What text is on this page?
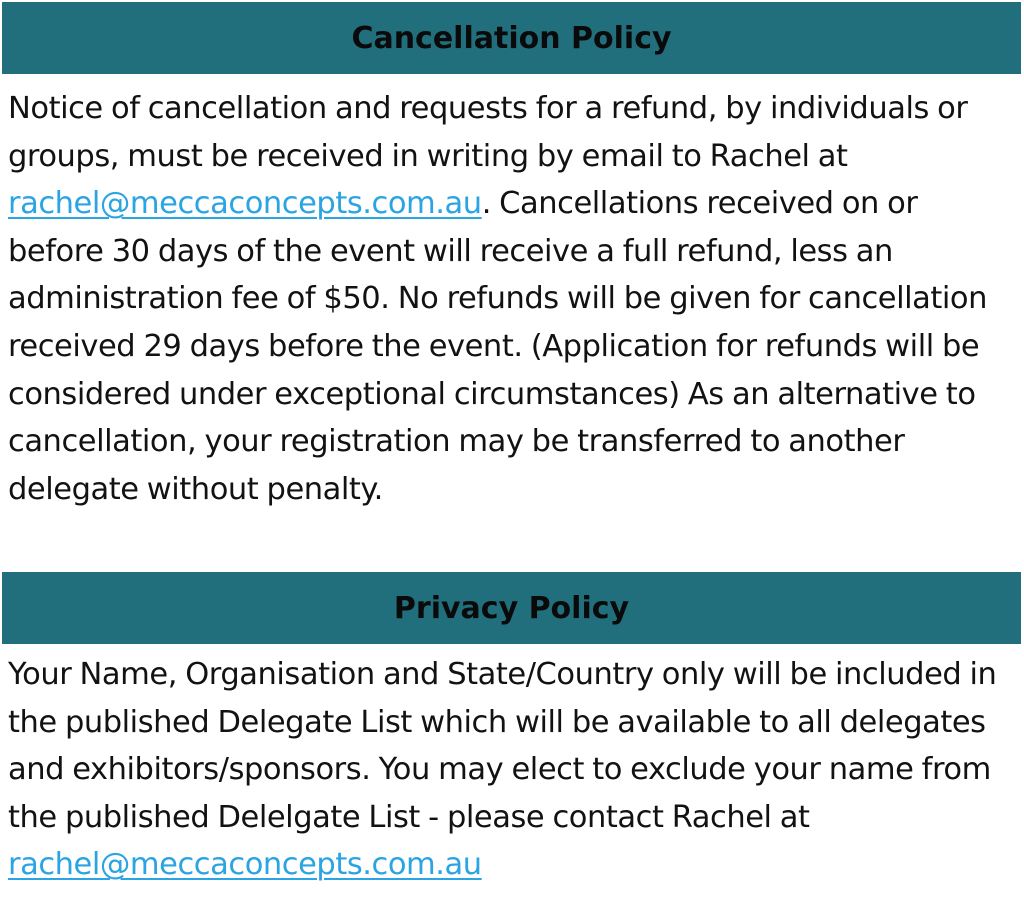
Cancellation Policy

Notice of cancellation and requests for a refund, by individuals or groups, must be received in writing by email to Rachel at rachel@meccaconcepts.com.au. Cancellations received on or before 30 days of the event will receive a full refund, less an administration fee of $50. No refunds will be given for cancellation received 29 days before the event. (Application for refunds will be considered under exceptional circumstances) As an alternative to cancellation, your registration may be transferred to another delegate without penalty.

Privacy Policy

Your Name, Organisation and State/Country only will be included in the published Delegate List which will be available to all delegates and exhibitors/sponsors. You may elect to exclude your name from the published Delelgate List - please contact Rachel at rachel@meccaconcepts.com.au
